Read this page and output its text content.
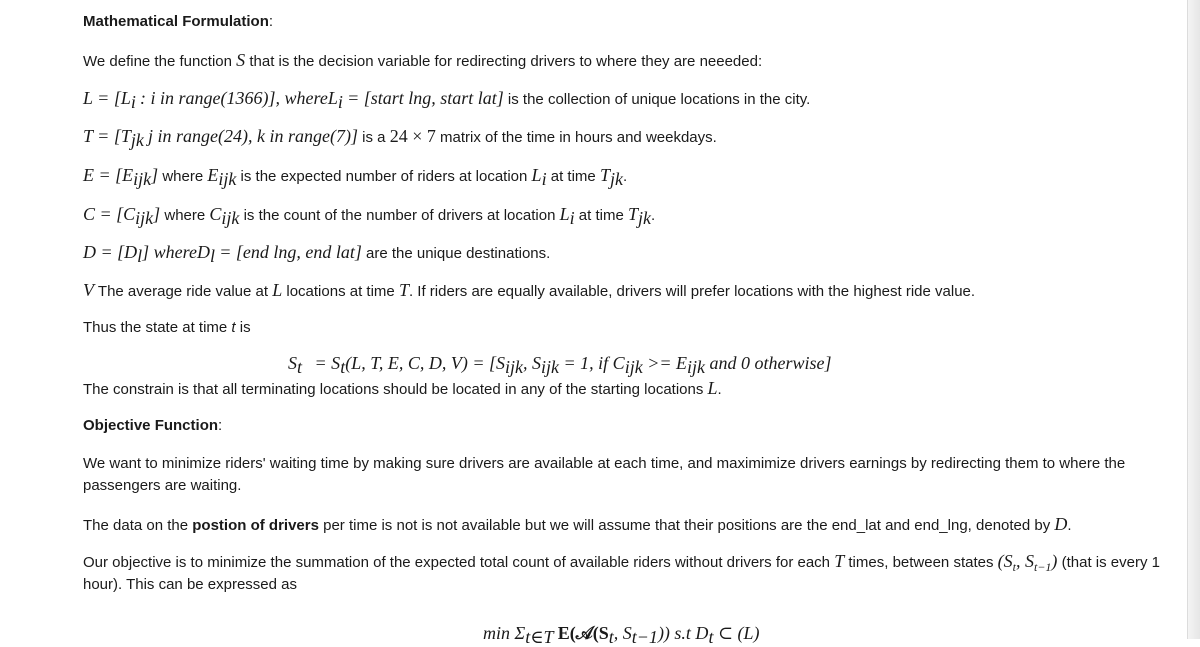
Mathematical Formulation:

We define the function S that is the decision variable for redirecting drivers to where they are neeeded:

$L = [L_i$ : i in range(1366)], whereL$_i$ = [start lng, start lat] is the collection of unique locations in the city.

$T = [T_{jk}$ j in range(24), k in range(7)] is a 24 × 7 matrix of the time in hours and weekdays.

$E = [E_{ijk}]$ where $E_{ijk}$ is the expected number of riders at location $L_i$ at time $T_{jk}$.

$C = [C_{ijk}]$ where $C_{ijk}$ is the count of the number of drivers at location $L_i$ at time $T_{jk}$.

$D = [D_l]$ whereD$_l$ = [end lng, end lat] are the unique destinations.

V The average ride value at L locations at time T. If riders are equally available, drivers will prefer locations with the highest ride value.

Thus the state at time t is

$S_t = S_t(L$, T, E, C, D, $V) = [S_{ijk}$, $S_{ijk} = 1$, if $C_{ijk} >= E_{ijk}$ and 0 otherwise]

The constrain is that all terminating locations should be located in any of the starting locations L.

Objective Function:

We want to minimize riders' waiting time by making sure drivers are available at each time, and maximimize drivers earnings by redirecting them to where the passengers are waiting.

The data on the postion of drivers per time is not is not available but we will assume that their positions are the end_lat and end_lng, denoted by D.

Our objective is to minimize the summation of the expected total count of available riders without drivers for each T times, between states ($S_t$, $S_{t-1}$) (that is every 1 hour). This can be expressed as

$\min \Sigma_{t\in T}$ $E(𝒜(S_t$, $S_{t-1}$)) s.t $D_t$ ⊂ (L)
